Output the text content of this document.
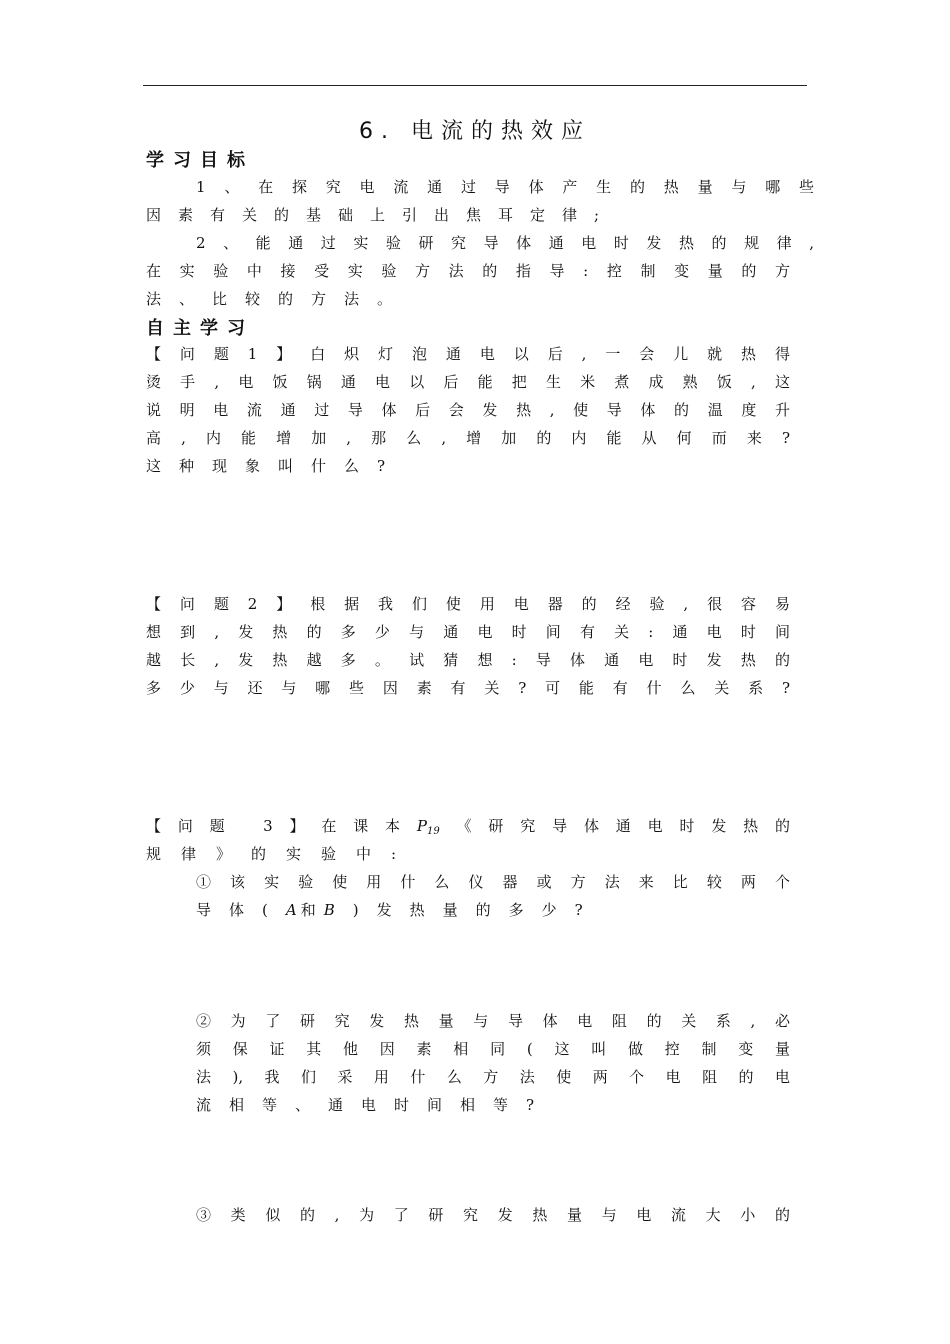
6. 电流的热效应
学习目标
1、在探究电流通过导体产生的热量与哪些
因素有关的基础上引出焦耳定律;
2、能通过实验研究导体通电时发热的规律,
在实验中接受实验方法的指导:控制变量的方
法、比较的方法。
自主学习
【问题1】白炽灯泡通电以后,一会儿就热得
烫手,电饭锅通电以后能把生米煮成熟饭,这
说明电流通过导体后会发热,使导体的温度升
高,内能增加,那么,增加的内能从何而来?
这种现象叫什么?
【问题2】根据我们使用电器的经验,很容易
想到,发热的多少与通电时间有关:通电时间
越长,发热越多。试猜想:导体通电时发热的
多少与还与哪些因素有关?可能有什么关系?
【问题 3】在课本$P_{19}$《研究导体通电时发热的
规律》的实验中:
①该实验使用什么仪器或方法来比较两个
导体(A和B)发热量的多少?
②为了研究发热量与导体电阻的关系,必
须保证其他因素相同(这叫做控制变量
法),我们采用什么方法使两个电阻的电
流相等、通电时间相等?
③类似的,为了研究发热量与电流大小的
